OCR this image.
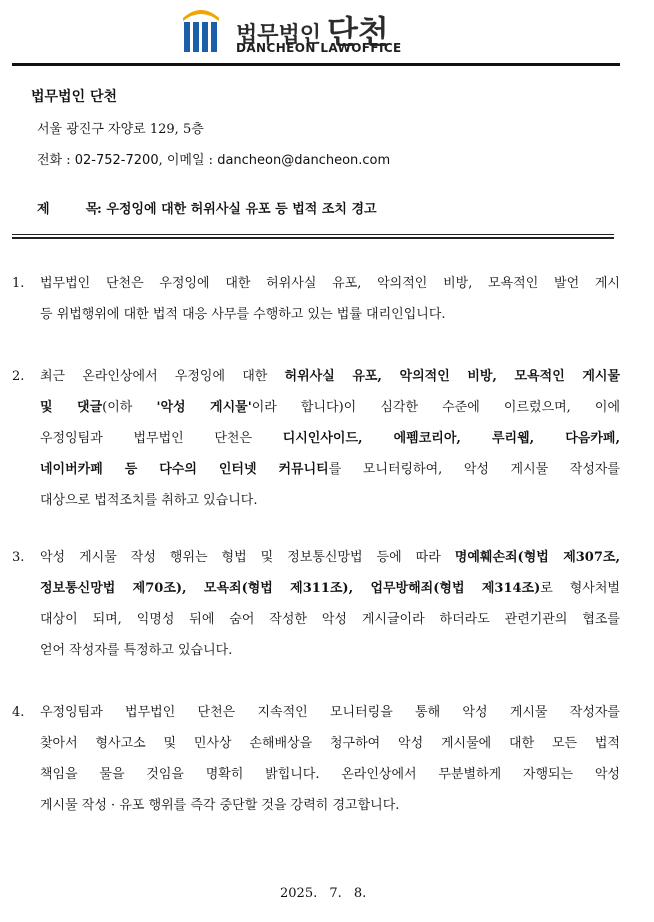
법무법인 단천
DANCHEON LAWOFFICE
법무법인 단천
서울 광진구 자양로 129, 5층
전화 : 02-752-7200, 이메일 : dancheon@dancheon.com
제	목: 우정잉에 대한 허위사실 유포 등 법적 조치 경고
1.	법무법인 단천은 우정잉에 대한 허위사실 유포, 악의적인 비방, 모욕적인 발언 게시
등 위법행위에 대한 법적 대응 사무를 수행하고 있는 법률 대리인입니다.
2.	최근 온라인상에서 우정잉에 대한 허위사실 유포, 악의적인 비방, 모욕적인 게시물
및 댓글(이하 '악성 게시물'이라 합니다)이 심각한 수준에 이르렀으며, 이에
우정잉팀과 법무법인 단천은 디시인사이드, 에펨코리아, 루리웹, 다음카페,
네이버카페 등 다수의 인터넷 커뮤니티를 모니터링하여, 악성 게시물 작성자를
대상으로 법적조치를 취하고 있습니다.
3.	악성 게시물 작성 행위는 형법 및 정보통신망법 등에 따라 명예훼손죄(형법 제307조,
정보통신망법 제70조), 모욕죄(형법 제311조), 업무방해죄(형법 제314조)로 형사처벌
대상이 되며, 익명성 뒤에 숨어 작성한 악성 게시글이라 하더라도 관련기관의 협조를
얻어 작성자를 특정하고 있습니다.
4.	우정잉팀과 법무법인 단천은 지속적인 모니터링을 통해 악성 게시물 작성자를
찾아서 형사고소 및 민사상 손해배상을 청구하여 악성 게시물에 대한 모든 법적
책임을 물을 것임을 명확히 밝힙니다. 온라인상에서 무분별하게 자행되는 악성
게시물 작성 · 유포 행위를 즉각 중단할 것을 강력히 경고합니다.
2025. 7. 8.
